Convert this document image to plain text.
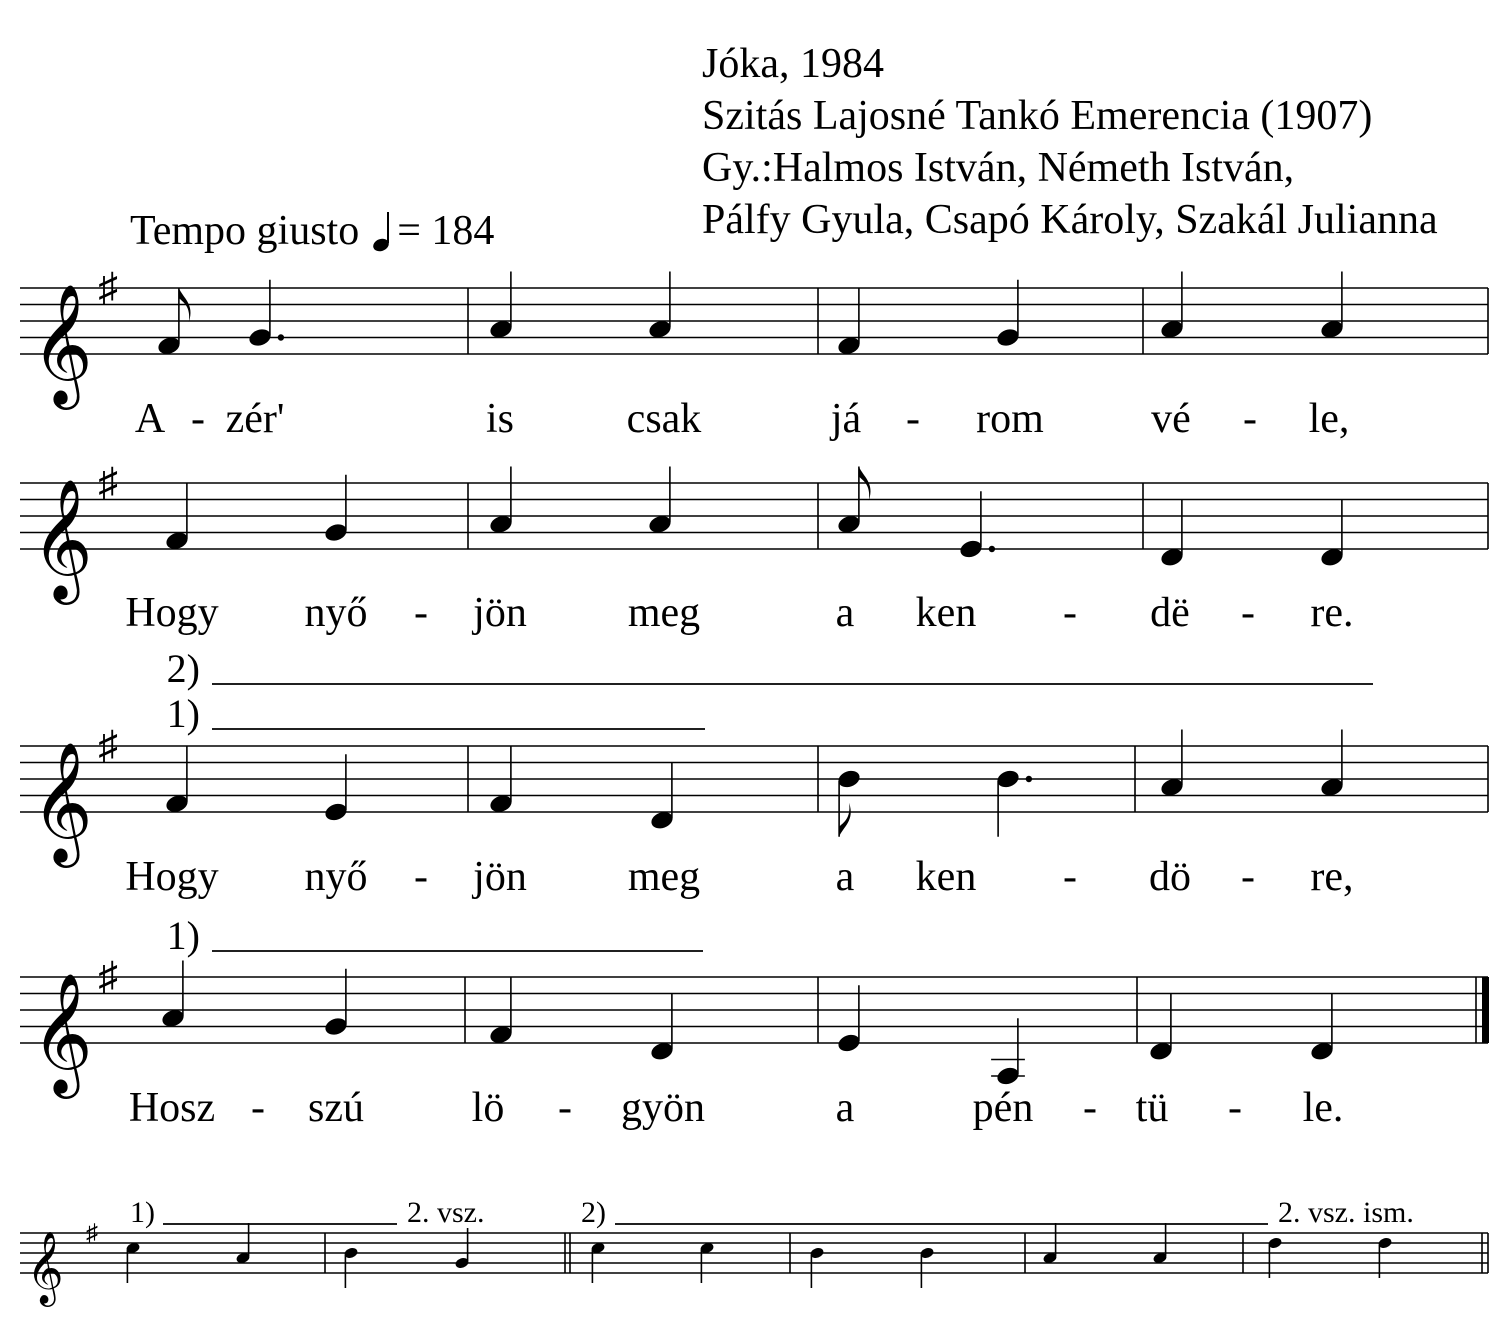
Jóka, 1984
Szitás Lajosné Tankó Emerencia (1907)
Gy.:Halmos István, Németh István,
Pálfy Gyula, Csapó Károly, Szakál Julianna
Tempo giusto = 184
𝄞
♯
A - zér'	is	csak	já - rom	vé - le,
𝄞
♯
Hogy nyő - jön meg	a ken - dë - re.
𝄞
♯
Hogy nyő - jön meg	a ken - dö - re,
𝄞
♯
Hosz - szú	lö - gyön	a	pén - tü - le.
𝄞 ♯
2)
1)
1)
1)	2. vsz.	2)	2. vsz. ism.
